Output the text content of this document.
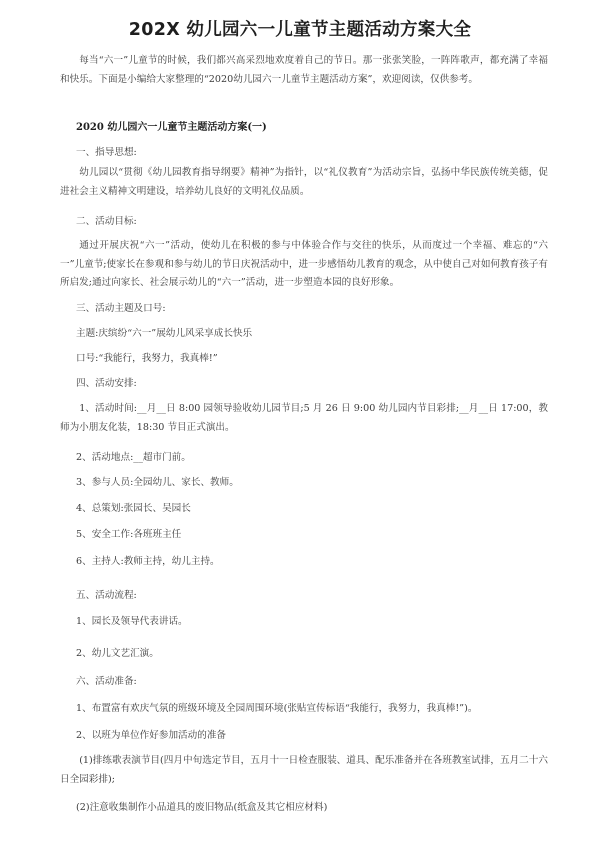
202X 幼儿园六一儿童节主题活动方案大全

每当“六一”儿童节的时候，我们都兴高采烈地欢度着自己的节日。那一张张笑脸，一阵阵歌声，都充满了幸福和快乐。下面是小编给大家整理的“2020幼儿园六一儿童节主题活动方案”，欢迎阅读，仅供参考。

2020 幼儿园六一儿童节主题活动方案(一)

一、指导思想:

幼儿园以“贯彻《幼儿园教育指导纲要》精神”为指针，以“礼仪教育”为活动宗旨，弘扬中华民族传统美德，促进社会主义精神文明建设，培养幼儿良好的文明礼仪品质。

二、活动目标:

通过开展庆祝“六一”活动，使幼儿在积极的参与中体验合作与交往的快乐，从而度过一个幸福、难忘的“六一”儿童节;使家长在参观和参与幼儿的节日庆祝活动中，进一步感悟幼儿教育的观念，从中使自己对如何教育孩子有所启发;通过向家长、社会展示幼儿的“六一”活动，进一步塑造本园的良好形象。

三、活动主题及口号:

主题:庆缤纷“六一”展幼儿风采享成长快乐

口号:“我能行，我努力，我真棒!”

四、活动安排:

1、活动时间:__月__日 8:00 园领导验收幼儿园节目;5 月 26 日 9:00 幼儿园内节目彩排;__月__日 17:00，教师为小朋友化装，18:30 节目正式演出。

2、活动地点:__超市门前。

3、参与人员:全园幼儿、家长、教师。

4、总策划:张园长、吴园长

5、安全工作:各班班主任

6、主持人:教师主持，幼儿主持。

五、活动流程:

1、园长及领导代表讲话。

2、幼儿文艺汇演。

六、活动准备:

1、布置富有欢庆气氛的班级环境及全园周围环境(张贴宣传标语“我能行，我努力，我真棒!”)。

2、以班为单位作好参加活动的准备

(1)排练歌表演节目(四月中旬选定节目，五月十一日检查服装、道具、配乐准备并在各班教室试排，五月二十六日全园彩排);

(2)注意收集制作小品道具的废旧物品(纸盒及其它相应材料)
